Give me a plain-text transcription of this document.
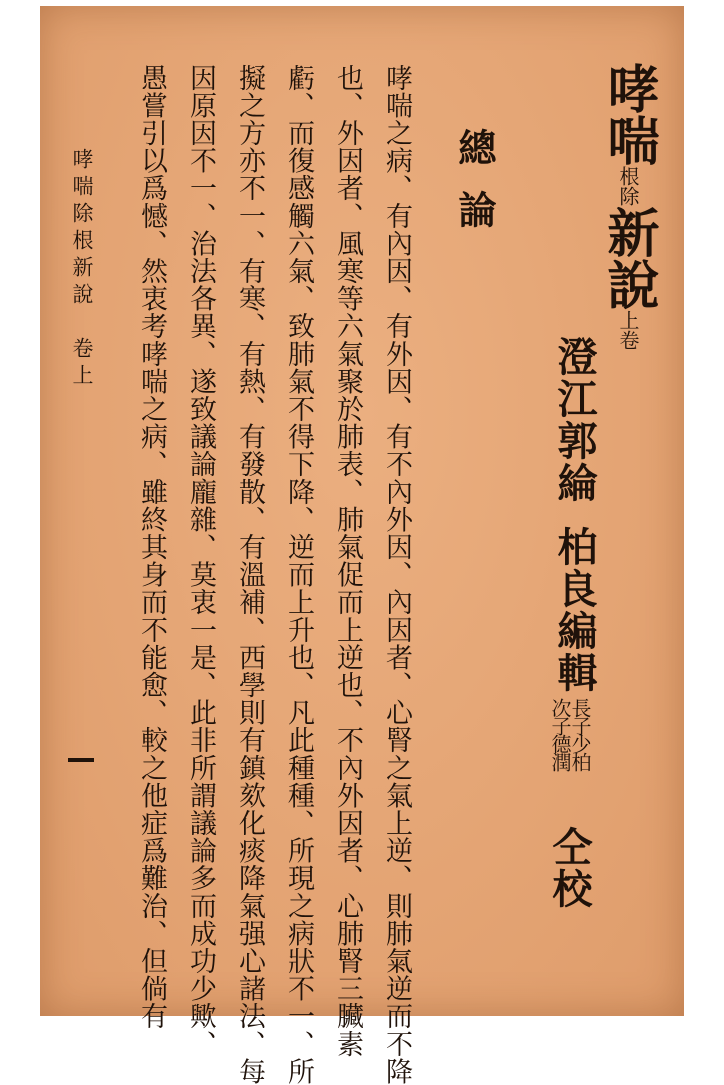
哮喘根除新說上卷
澄江郭綸柏良編輯
長子少柏
次子德潤
仝校
總論
哮喘之病、有內因、有外因、有不內外因、內因者、心腎之氣上逆、則肺氣逆而不降
也、外因者、風寒等六氣聚於肺表、肺氣促而上逆也、不內外因者、心肺腎三臟素
虧、而復感觸六氣、致肺氣不得下降、逆而上升也、凡此種種、所現之病狀不一、所
擬之方亦不一、有寒、有熱、有發散、有溫補、西學則有鎮欬化痰降氣强心諸法、每
因原因不一、治法各異、遂致議論龐雜、莫衷一是、此非所謂議論多而成功少歟、
愚嘗引以爲憾、然衷考哮喘之病、雖終其身而不能愈、較之他症爲難治、但倘有
哮喘除根新說　卷上
